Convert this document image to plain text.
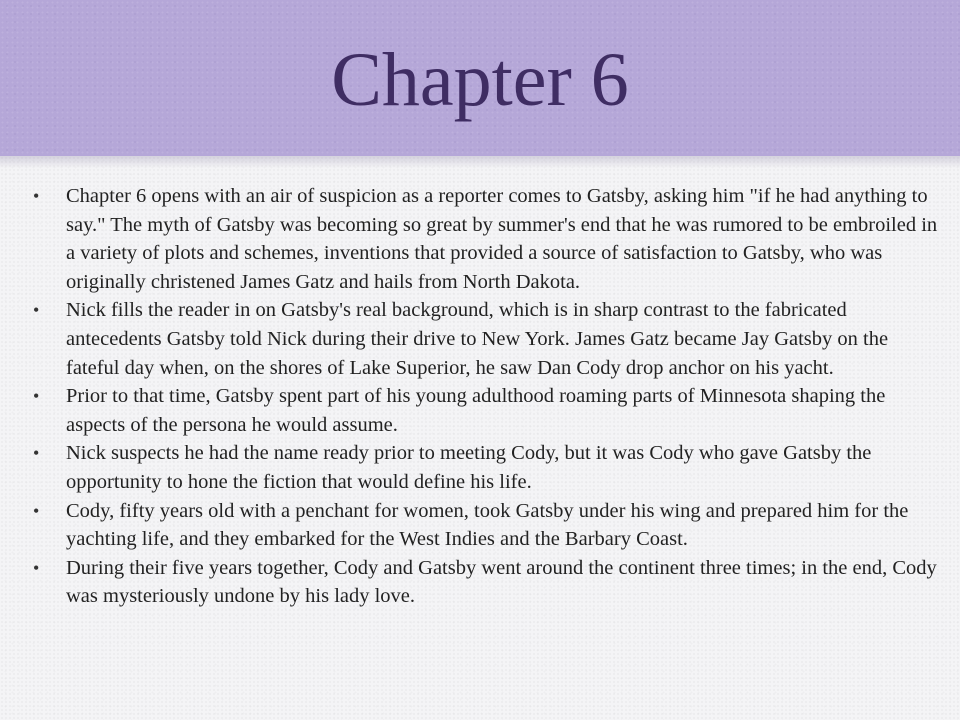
Chapter 6
• Chapter 6 opens with an air of suspicion as a reporter comes to Gatsby, asking him "if he had anything to say." The myth of Gatsby was becoming so great by summer's end that he was rumored to be embroiled in a variety of plots and schemes, inventions that provided a source of satisfaction to Gatsby, who was originally christened James Gatz and hails from North Dakota.
• Nick fills the reader in on Gatsby's real background, which is in sharp contrast to the fabricated antecedents Gatsby told Nick during their drive to New York. James Gatz became Jay Gatsby on the fateful day when, on the shores of Lake Superior, he saw Dan Cody drop anchor on his yacht.
• Prior to that time, Gatsby spent part of his young adulthood roaming parts of Minnesota shaping the aspects of the persona he would assume.
• Nick suspects he had the name ready prior to meeting Cody, but it was Cody who gave Gatsby the opportunity to hone the fiction that would define his life.
• Cody, fifty years old with a penchant for women, took Gatsby under his wing and prepared him for the yachting life, and they embarked for the West Indies and the Barbary Coast.
• During their five years together, Cody and Gatsby went around the continent three times; in the end, Cody was mysteriously undone by his lady love.
